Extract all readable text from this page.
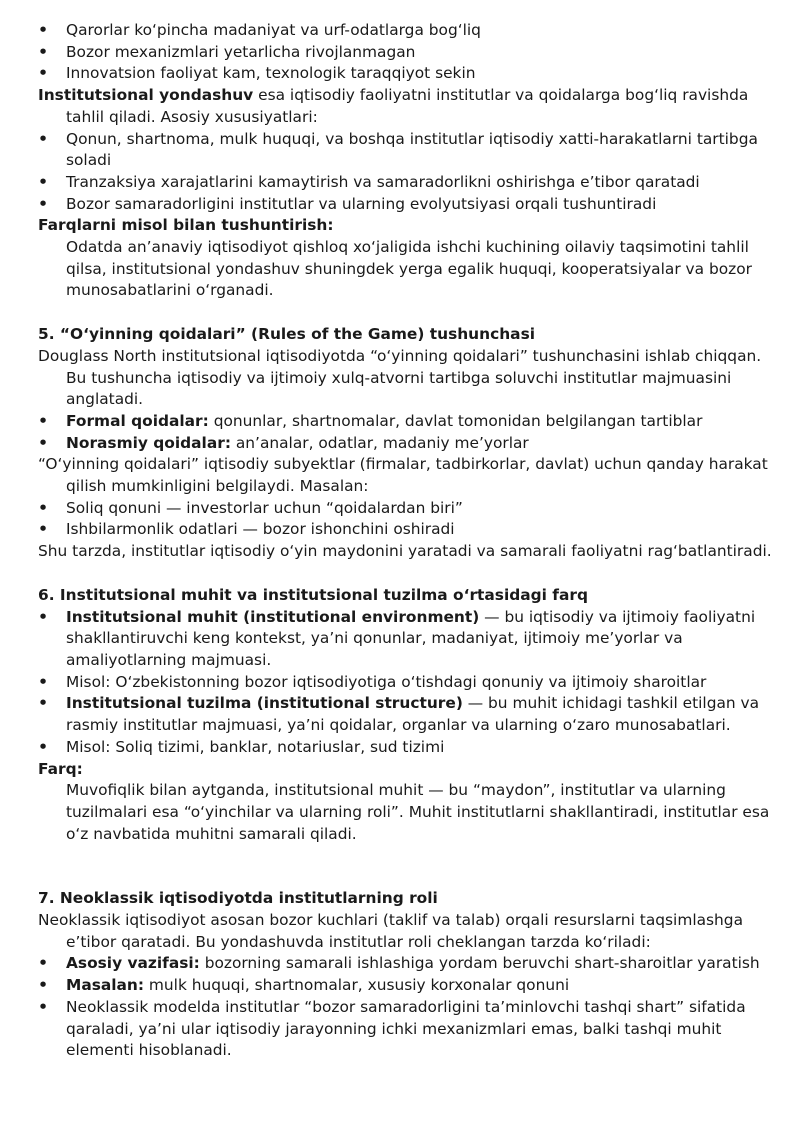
• Qarorlar ko‘pincha madaniyat va urf-odatlarga bog‘liq

• Bozor mexanizmlari yetarlicha rivojlanmagan

• Innovatsion faoliyat kam, texnologik taraqqiyot sekin

Institutsional yondashuv esa iqtisodiy faoliyatni institutlar va qoidalarga bog‘liq ravishda tahlil qiladi. Asosiy xususiyatlari:

• Qonun, shartnoma, mulk huquqi, va boshqa institutlar iqtisodiy xatti-harakatlarni tartibga soladi

• Tranzaksiya xarajatlarini kamaytirish va samaradorlikni oshirishga e’tibor qaratadi

• Bozor samaradorligini institutlar va ularning evolyutsiyasi orqali tushuntiradi

Farqlarni misol bilan tushuntirish:

Odatda an’anaviy iqtisodiyot qishloq xo‘jaligida ishchi kuchining oilaviy taqsimotini tahlil qilsa, institutsional yondashuv shuningdek yerga egalik huquqi, kooperatsiyalar va bozor munosabatlarini o‘rganadi.

5. “O‘yinning qoidalari” (Rules of the Game) tushunchasi

Douglass North institutsional iqtisodiyotda “o‘yinning qoidalari” tushunchasini ishlab chiqqan. Bu tushuncha iqtisodiy va ijtimoiy xulq-atvorni tartibga soluvchi institutlar majmuasini anglatadi.

• Formal qoidalar: qonunlar, shartnomalar, davlat tomonidan belgilangan tartiblar

• Norasmiy qoidalar: an’analar, odatlar, madaniy me’yorlar

“O‘yinning qoidalari” iqtisodiy subyektlar (firmalar, tadbirkorlar, davlat) uchun qanday harakat qilish mumkinligini belgilaydi. Masalan:

• Soliq qonuni — investorlar uchun “qoidalardan biri”

• Ishbilarmonlik odatlari — bozor ishonchini oshiradi

Shu tarzda, institutlar iqtisodiy o‘yin maydonini yaratadi va samarali faoliyatni rag‘batlantiradi.

6. Institutsional muhit va institutsional tuzilma o‘rtasidagi farq

• Institutsional muhit (institutional environment) — bu iqtisodiy va ijtimoiy faoliyatni shakllantiruvchi keng kontekst, ya’ni qonunlar, madaniyat, ijtimoiy me’yorlar va amaliyotlarning majmuasi.

• Misol: O‘zbekistonning bozor iqtisodiyotiga o‘tishdagi qonuniy va ijtimoiy sharoitlar

• Institutsional tuzilma (institutional structure) — bu muhit ichidagi tashkil etilgan va rasmiy institutlar majmuasi, ya’ni qoidalar, organlar va ularning o‘zaro munosabatlari.

• Misol: Soliq tizimi, banklar, notariuslar, sud tizimi

Farq:

Muvofiqlik bilan aytganda, institutsional muhit — bu “maydon”, institutlar va ularning tuzilmalari esa “o‘yinchilar va ularning roli”. Muhit institutlarni shakllantiradi, institutlar esa o‘z navbatida muhitni samarali qiladi.

7. Neoklassik iqtisodiyotda institutlarning roli

Neoklassik iqtisodiyot asosan bozor kuchlari (taklif va talab) orqali resurslarni taqsimlashga e’tibor qaratadi. Bu yondashuvda institutlar roli cheklangan tarzda ko‘riladi:

• Asosiy vazifasi: bozorning samarali ishlashiga yordam beruvchi shart-sharoitlar yaratish

• Masalan: mulk huquqi, shartnomalar, xususiy korxonalar qonuni

• Neoklassik modelda institutlar “bozor samaradorligini ta’minlovchi tashqi shart” sifatida qaraladi, ya’ni ular iqtisodiy jarayonning ichki mexanizmlari emas, balki tashqi muhit elementi hisoblanadi.
